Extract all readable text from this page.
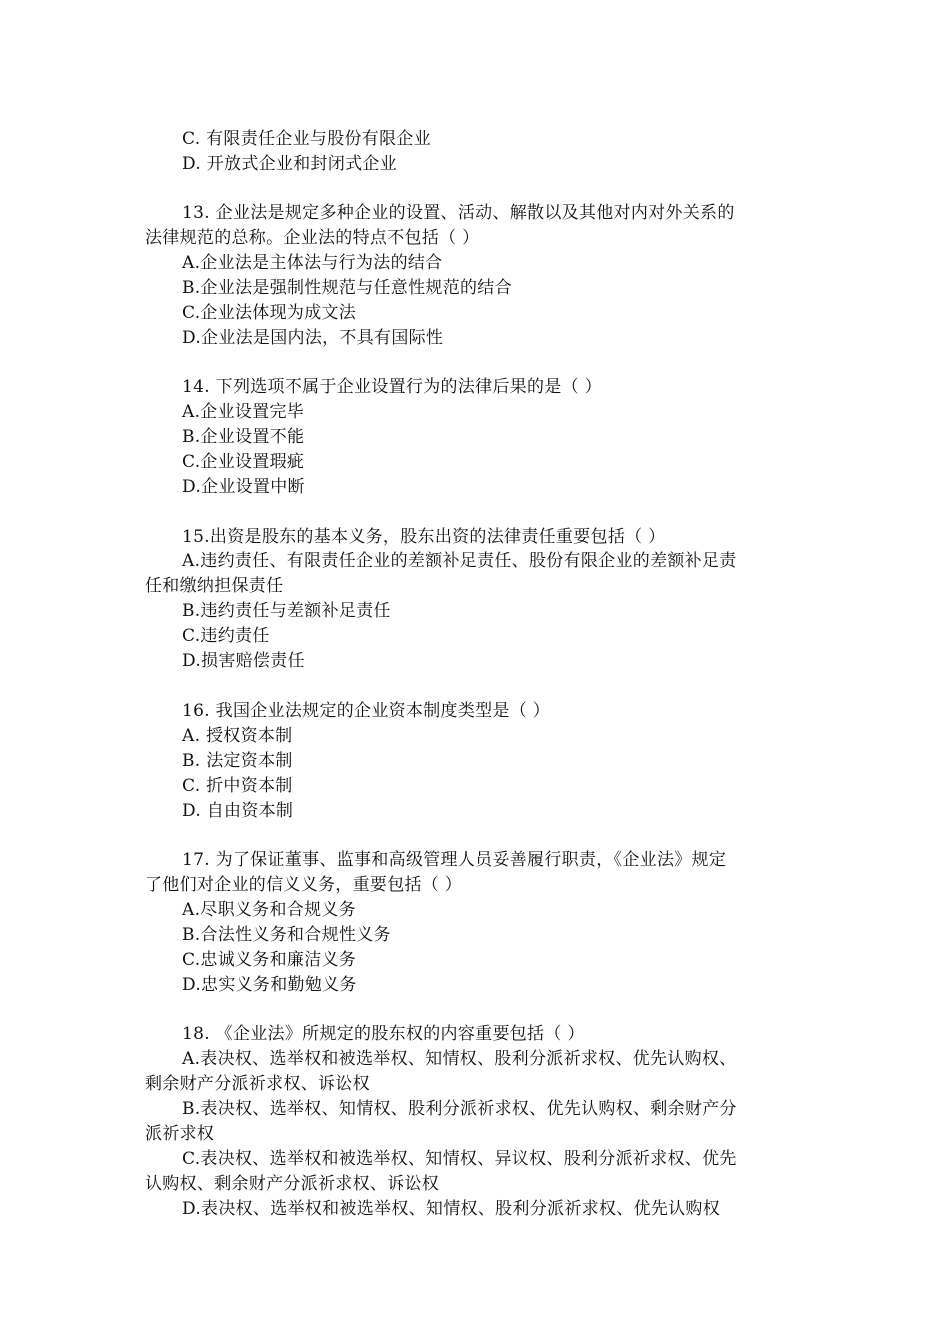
C. 有限责任企业与股份有限企业
D. 开放式企业和封闭式企业
13. 企业法是规定多种企业的设置、活动、解散以及其他对内对外关系的
法律规范的总称。企业法的特点不包括（ ）
A.企业法是主体法与行为法的结合
B.企业法是强制性规范与任意性规范的结合
C.企业法体现为成文法
D.企业法是国内法，不具有国际性
14. 下列选项不属于企业设置行为的法律后果的是（ ）
A.企业设置完毕
B.企业设置不能
C.企业设置瑕疵
D.企业设置中断
15.出资是股东的基本义务，股东出资的法律责任重要包括（ ）
A.违约责任、有限责任企业的差额补足责任、股份有限企业的差额补足责
任和缴纳担保责任
B.违约责任与差额补足责任
C.违约责任
D.损害赔偿责任
16. 我国企业法规定的企业资本制度类型是（ ）
A. 授权资本制
B. 法定资本制
C. 折中资本制
D. 自由资本制
17. 为了保证董事、监事和高级管理人员妥善履行职责，《企业法》规定
了他们对企业的信义义务，重要包括（ ）
A.尽职义务和合规义务
B.合法性义务和合规性义务
C.忠诚义务和廉洁义务
D.忠实义务和勤勉义务
18. 《企业法》所规定的股东权的内容重要包括（ ）
A.表决权、选举权和被选举权、知情权、股利分派祈求权、优先认购权、
剩余财产分派祈求权、诉讼权
B.表决权、选举权、知情权、股利分派祈求权、优先认购权、剩余财产分
派祈求权
C.表决权、选举权和被选举权、知情权、异议权、股利分派祈求权、优先
认购权、剩余财产分派祈求权、诉讼权
D.表决权、选举权和被选举权、知情权、股利分派祈求权、优先认购权
